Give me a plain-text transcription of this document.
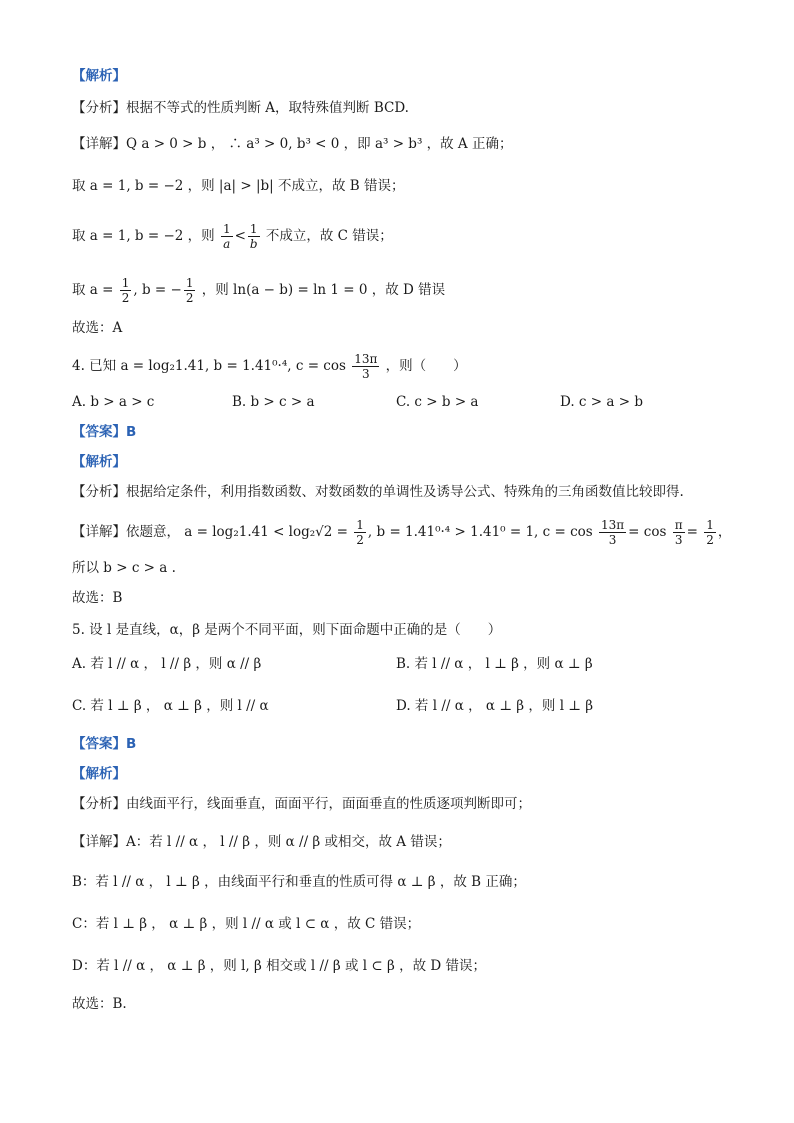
【解析】
【分析】根据不等式的性质判断 A，取特殊值判断 BCD.
【详解】Q a > 0 > b ， ∴ a³ > 0, b³ < 0 ，即 a³ > b³ ，故 A 正确；
取 a = 1, b = −2 ，则 |a| > |b| 不成立，故 B 错误；
取 a = 1, b = −2 ，则 $\frac{1}{a} < \frac{1}{b}$ 不成立，故 C 错误；
取 $a = \frac{1}{2}$ , b = − $\frac{1}{2}$ ，则 ln(a − b) = ln 1 = 0 ，故 D 错误
故选：A
4. 已知 a = log₂1.41, b = 1.41⁰·⁴, $c = \cos \frac{13\pi}{3}$ ，则（　　）
A. b > a > c	B. b > c > a	C. c > b > a	D. c > a > b
【答案】B
【解析】
【分析】根据给定条件，利用指数函数、对数函数的单调性及诱导公式、特殊角的三角函数值比较即得.
【详解】依题意， $a = \log_21.41 < \log_2√2 = \frac{1}{2}$ , b = 1.41⁰·⁴ > 1.41⁰ = 1, $c = \cos \frac{13\pi}{3} = \cos \frac{\pi}{3} = \frac{1}{2}$ ，
所以 b > c > a .
故选：B
5. 设 l 是直线，α，β 是两个不同平面，则下面命题中正确的是（　　）
A. 若 l // α ， l // β ，则 α // β	B. 若 l // α ， l ⊥ β ，则 α ⊥ β
C. 若 l ⊥ β ， α ⊥ β ，则 l // α	D. 若 l // α ， α ⊥ β ，则 l ⊥ β
【答案】B
【解析】
【分析】由线面平行，线面垂直，面面平行，面面垂直的性质逐项判断即可；
【详解】A：若 l // α ， l // β ，则 α // β 或相交，故 A 错误；
B：若 l // α ， l ⊥ β ，由线面平行和垂直的性质可得 α ⊥ β ，故 B 正确；
C：若 l ⊥ β ， α ⊥ β ，则 l // α 或 l ⊂ α ，故 C 错误；
D：若 l // α ， α ⊥ β ，则 l, β 相交或 l // β 或 l ⊂ β ，故 D 错误；
故选：B.
